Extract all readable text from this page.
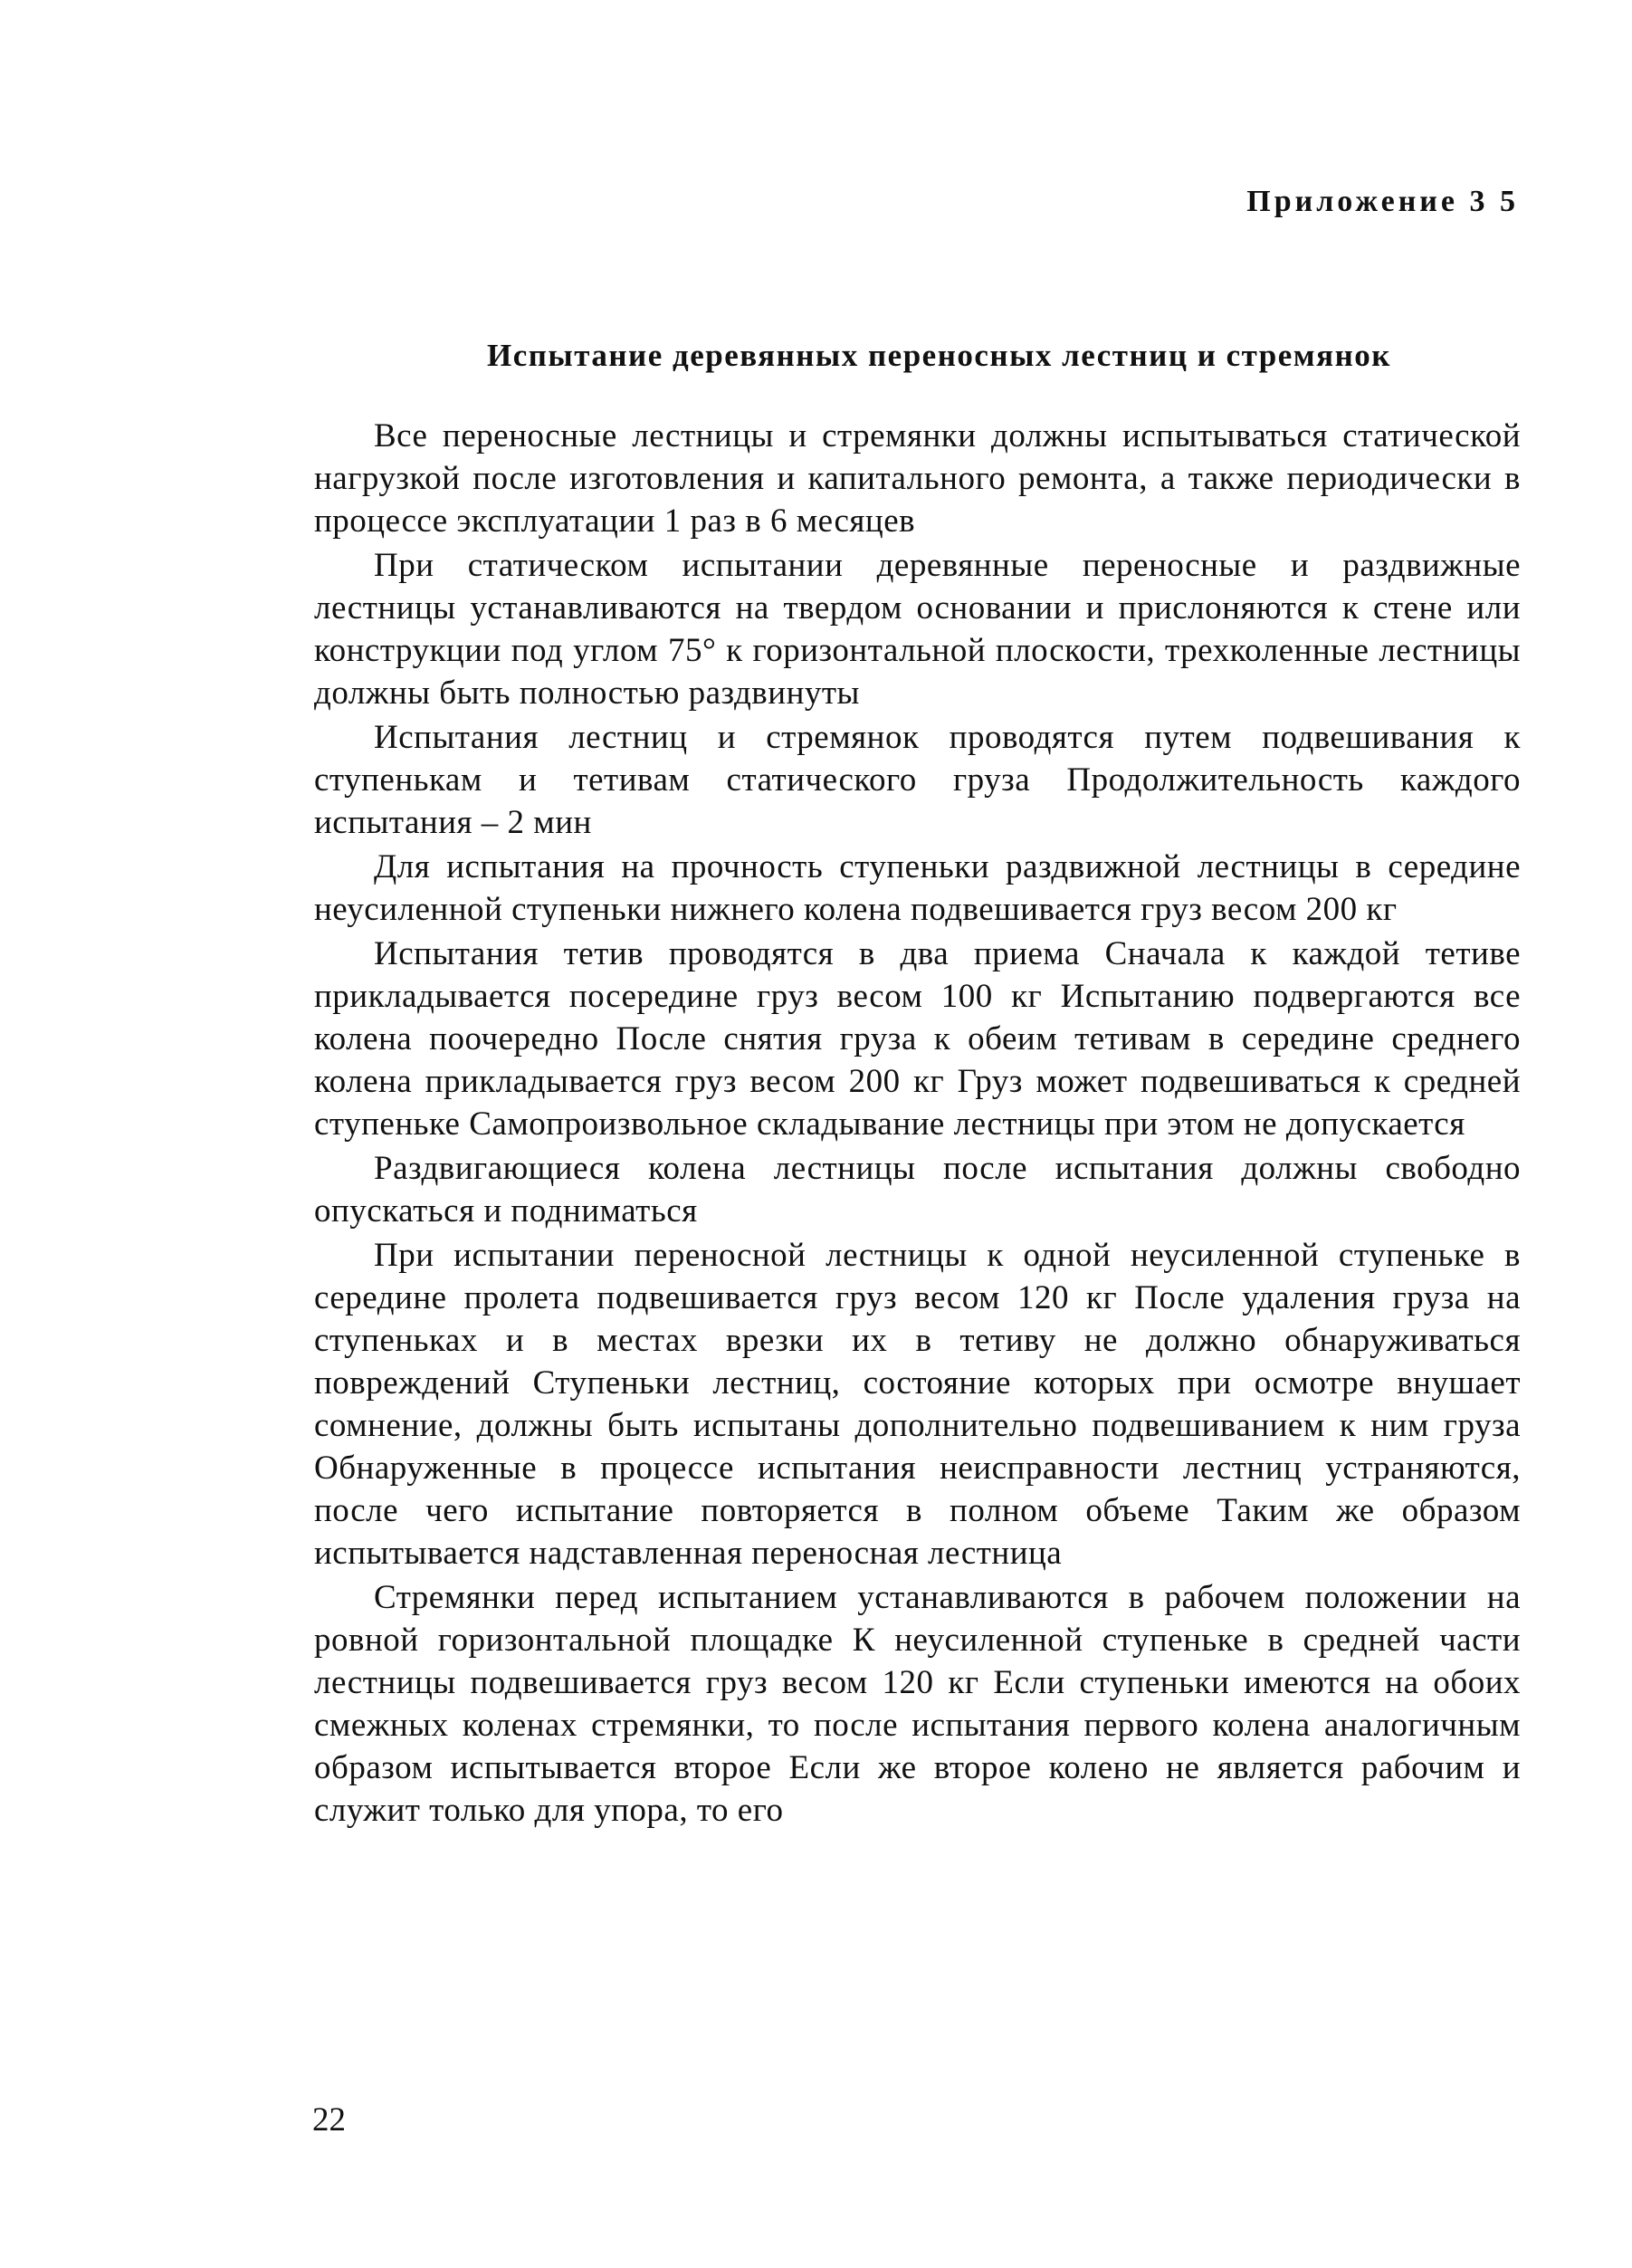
Приложение 3 5
Испытание деревянных переносных лестниц и стремянок

Все переносные лестницы и стремянки должны испытываться статической нагрузкой после изготовления и капитального ремонта, а также периодически в процессе эксплуатации 1 раз в 6 месяцев

При статическом испытании деревянные переносные и раздвижные лестницы устанавливаются на твердом основании и прислоняются к стене или конструкции под углом 75° к горизонтальной плоскости, трехколенные лестницы должны быть полностью раздвинуты

Испытания лестниц и стремянок проводятся путем подвешивания к ступенькам и тетивам статического груза Продолжительность каждого испытания – 2 мин

Для испытания на прочность ступеньки раздвижной лестницы в середине неусиленной ступеньки нижнего колена подвешивается груз весом 200 кг

Испытания тетив проводятся в два приема Сначала к каждой тетиве прикладывается посередине груз весом 100 кг Испытанию подвергаются все колена поочередно После снятия груза к обеим тетивам в середине среднего колена прикладывается груз весом 200 кг Груз может подвешиваться к средней ступеньке Самопроизвольное складывание лестницы при этом не допускается

Раздвигающиеся колена лестницы после испытания должны свободно опускаться и подниматься

При испытании переносной лестницы к одной неусиленной ступеньке в середине пролета подвешивается груз весом 120 кг После удаления груза на ступеньках и в местах врезки их в тетиву не должно обнаруживаться повреждений Ступеньки лестниц, состояние которых при осмотре внушает сомнение, должны быть испытаны дополнительно подвешиванием к ним груза Обнаруженные в процессе испытания неисправности лестниц устраняются, после чего испытание повторяется в полном объеме Таким же образом испытывается надставленная переносная лестница

Стремянки перед испытанием устанавливаются в рабочем положении на ровной горизонтальной площадке К неусиленной ступеньке в средней части лестницы подвешивается груз весом 120 кг Если ступеньки имеются на обоих смежных коленах стремянки, то после испытания первого колена аналогичным образом испытывается второе Если же второе колено не является рабочим и служит только для упора, то его

22
